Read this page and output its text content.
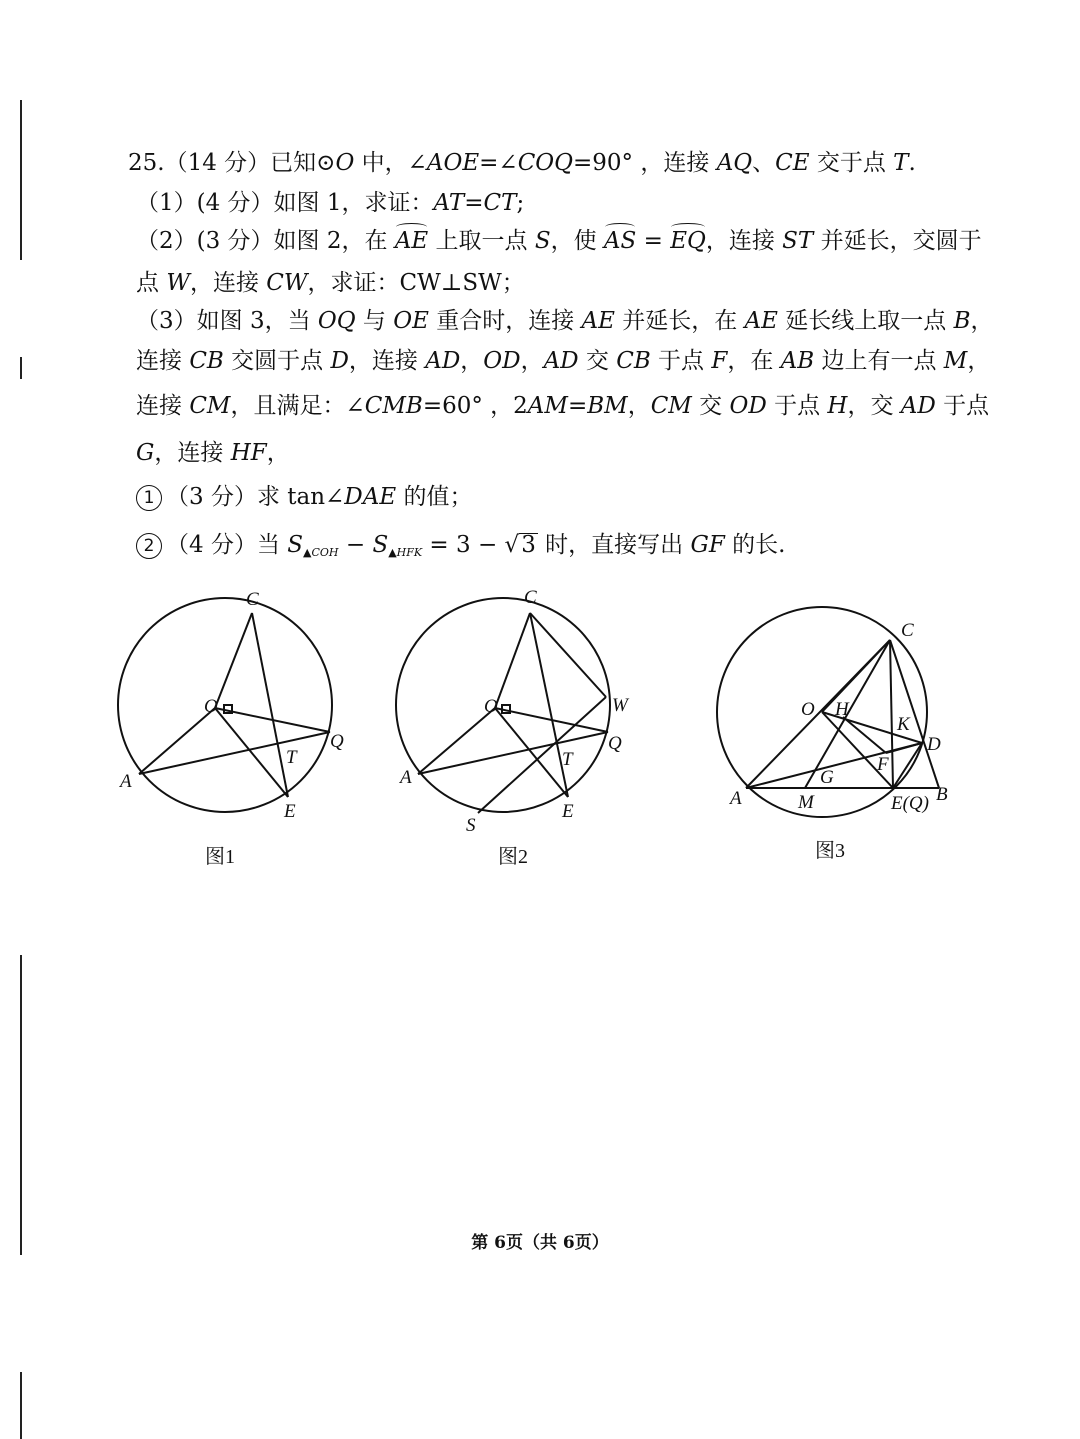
25.（14 分）已知⊙O 中，∠AOE=∠COQ=90° ，连接 AQ、CE 交于点 T.
（1）(4 分）如图 1，求证：AT=CT;
（2）(3 分）如图 2，在 AE 上取一点 S，使 AS = EQ，连接 ST 并延长，交圆于
点 W，连接 CW，求证：CW⊥SW；
（3）如图 3，当 OQ 与 OE 重合时，连接 AE 并延长，在 AE 延长线上取一点 B，
连接 CB 交圆于点 D，连接 AD，OD，AD 交 CB 于点 F，在 AB 边上有一点 M，
连接 CM，且满足：∠CMB=60° ，2AM=BM，CM 交 OD 于点 H，交 AD 于点
G，连接 HF，
1 （3 分）求 tan∠DAE 的值；
2 （4 分）当 $S_{▲COH} - S_{▲HFK} = 3 - √3$ 时，直接写出 GF 的长.
C
O
Q
T
A
E
图1
C
O	W
Q
T
A
S
E
图2
C
O H
K
D
F
G
A	M	E(Q) B
图3
第 6页（共 6页）
